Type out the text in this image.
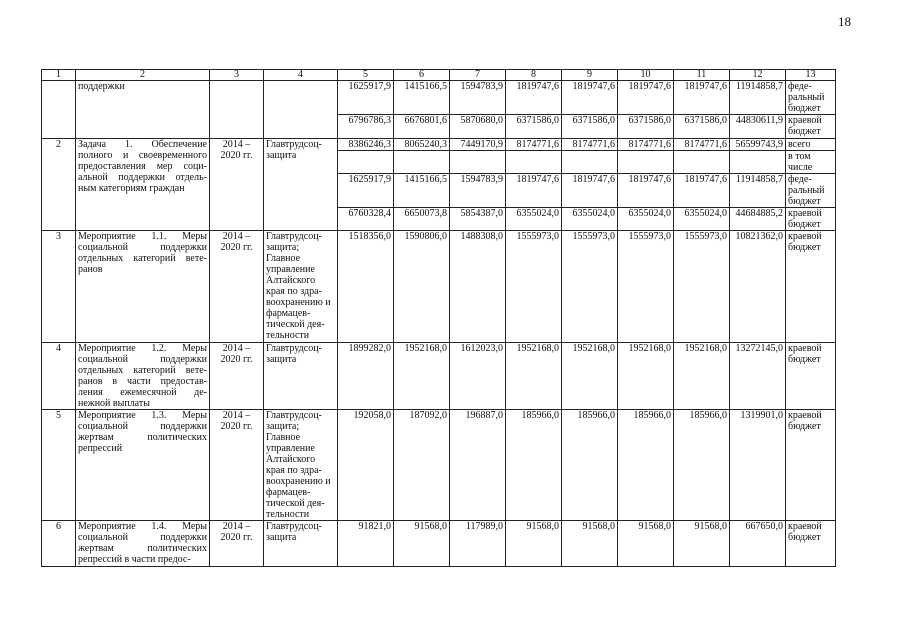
18
1	2	3	4	5	6	7	8	9	10	11	12	13
	поддержки			1625917,9	1415166,5	1594783,9	1819747,6	1819747,6	1819747,6	1819747,6	11914858,7	феде-ральный бюджет
				6796786,3	6676801,6	5870680,0	6371586,0	6371586,0	6371586,0	6371586,0	44830611,9	краевой бюджет
2	Задача 1. Обеспечение полного и своевременного предоставления мер соци-альной поддержки отдель-ным категориям граждан	2014 – 2020 гг.	Главтрудсоц-защита	8386246,3	8065240,3	7449170,9	8174771,6	8174771,6	8174771,6	8174771,6	56599743,9	всего
												в том числе
				1625917,9	1415166,5	1594783,9	1819747,6	1819747,6	1819747,6	1819747,6	11914858,7	феде-ральный бюджет
				6760328,4	6650073,8	5854387,0	6355024,0	6355024,0	6355024,0	6355024,0	44684885,2	краевой бюджет
3	Мероприятие 1.1. Меры социальной поддержки отдельных категорий вете-ранов	2014 – 2020 гг.	Главтрудсоц-защита; Главное управление Алтайского края по здра-воохранению и фармацев-тической дея-тельности	1518356,0	1590806,0	1488308,0	1555973,0	1555973,0	1555973,0	1555973,0	10821362,0	краевой бюджет
4	Мероприятие 1.2. Меры социальной поддержки отдельных категорий вете-ранов в части предостав-ления ежемесячной де-нежной выплаты	2014 – 2020 гг.	Главтрудсоц-защита	1899282,0	1952168,0	1612023,0	1952168,0	1952168,0	1952168,0	1952168,0	13272145,0	краевой бюджет
5	Мероприятие 1.3. Меры социальной поддержки жертвам политических репрессий	2014 – 2020 гг.	Главтрудсоц-защита; Главное управление Алтайского края по здра-воохранению и фармацев-тической дея-тельности	192058,0	187092,0	196887,0	185966,0	185966,0	185966,0	185966,0	1319901,0	краевой бюджет
6	Мероприятие 1.4. Меры социальной поддержки жертвам политических репрессий в части предос-	2014 – 2020 гг.	Главтрудсоц-защита	91821,0	91568,0	117989,0	91568,0	91568,0	91568,0	91568,0	667650,0	краевой бюджет
